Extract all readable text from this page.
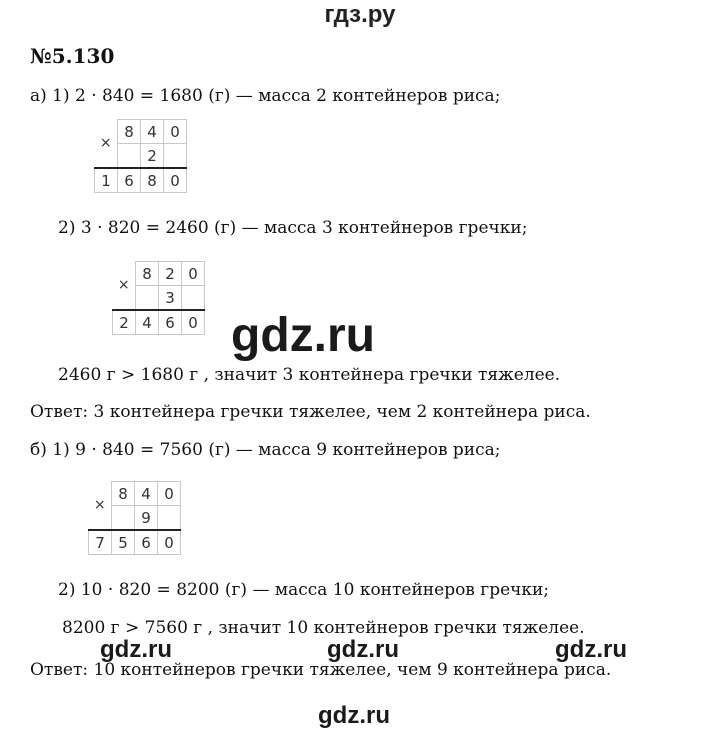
гдз.ру
№5.130
а) 1) 2 · 840 = 1680 (г) — масса 2 контейнеров риса;
×	8	4	0
		2	
1	6	8	0
2) 3 · 820 = 2460 (г) — масса 3 контейнеров гречки;
×	8	2	0
		3	
2	4	6	0 gdz.ru
2460 г > 1680 г , значит 3 контейнера гречки тяжелее.
Ответ: 3 контейнера гречки тяжелее, чем 2 контейнера риса.
б) 1) 9 · 840 = 7560 (г) — масса 9 контейнеров риса;
×	8	4	0
		9	
7	5	6	0
2) 10 · 820 = 8200 (г) — масса 10 контейнеров гречки;
8200 г > 7560 г , значит 10 контейнеров гречки тяжелее.
gdz.ru	gdz.ru	gdz.ru
Ответ: 10 контейнеров гречки тяжелее, чем 9 контейнера риса.
gdz.ru
